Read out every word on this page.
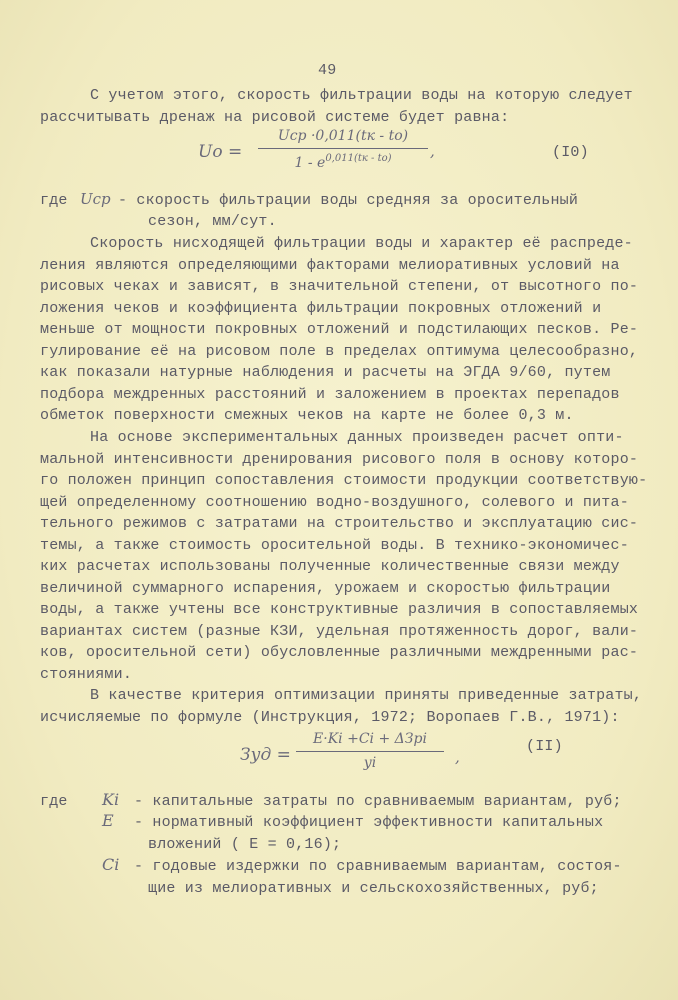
49
С учетом этого, скорость фильтрации воды на которую следует
рассчитывать дренаж на рисовой системе будет равна:
Uo =
Uср ·0,011(tк - to)
$1 - e^{0,011(tк - to)}$	,	(I0)
где Uср - скорость фильтрации воды средняя за оросительный
сезон, мм/сут.
Скорость нисходящей фильтрации воды и характер её распреде-
ления являются определяющими факторами мелиоративных условий на
рисовых чеках и зависят, в значительной степени, от высотного по-
ложения чеков и коэффициента фильтрации покровных отложений и
меньше от мощности покровных отложений и подстилающих песков. Ре-
гулирование её на рисовом поле в пределах оптимума целесообразно,
как показали натурные наблюдения и расчеты на ЭГДА 9/60, путем
подбора междренных расстояний и заложением в проектах перепадов
обметок поверхности смежных чеков на карте не более 0,3 м.
На основе экспериментальных данных произведен расчет опти-
мальной интенсивности дренирования рисового поля в основу которо-
го положен принцип сопоставления стоимости продукции соответствую-
щей определенному соотношению водно-воздушного, солевого и пита-
тельного режимов с затратами на строительство и эксплуатацию сис-
темы, а также стоимость оросительной воды. В технико-экономичес-
ких расчетах использованы полученные количественные связи между
величиной суммарного испарения, урожаем и скоростью фильтрации
воды, а также учтены все конструктивные различия в сопоставляемых
вариантах систем (разные КЗИ, удельная протяженность дорог, вали-
ков, оросительной сети) обусловленные различными междренными рас-
стояниями.
В качестве критерия оптимизации приняты приведенные затраты,
исчисляемые по формуле (Инструкция, 1972; Воропаев Г.В., 1971):
Зуд =
E·Ki +Ci + ΔЗpi
yi	,
(II)
где Ki - капитальные затраты по сравниваемым вариантам, руб;
E - нормативный коэффициент эффективности капитальных
вложений ( E = 0,16);
Ci - годовые издержки по сравниваемым вариантам, состоя-
щие из мелиоративных и сельскохозяйственных, руб;
